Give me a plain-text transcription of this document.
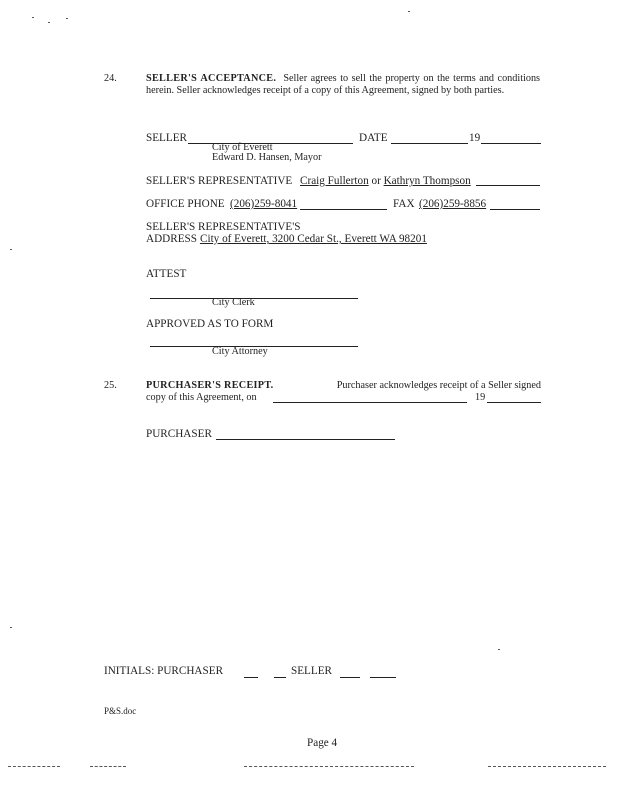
24.	SELLER'S ACCEPTANCE. Seller agrees to sell the property on the terms and conditions herein. Seller acknowledges receipt of a copy of this Agreement, signed by both parties.
SELLER	DATE	19
City of Everett
Edward D. Hansen, Mayor
SELLER'S REPRESENTATIVE Craig Fullerton or Kathryn Thompson
OFFICE PHONE (206)259-8041	FAX (206)259-8856
SELLER'S REPRESENTATIVE'S
ADDRESS City of Everett, 3200 Cedar St., Everett WA 98201
ATTEST
City Clerk
APPROVED AS TO FORM
City Attorney
25.	PURCHASER'S RECEIPT.	Purchaser acknowledges receipt of a Seller signed
copy of this Agreement, on	19
PURCHASER
INITIALS: PURCHASER	SELLER
P&S.doc
Page 4
